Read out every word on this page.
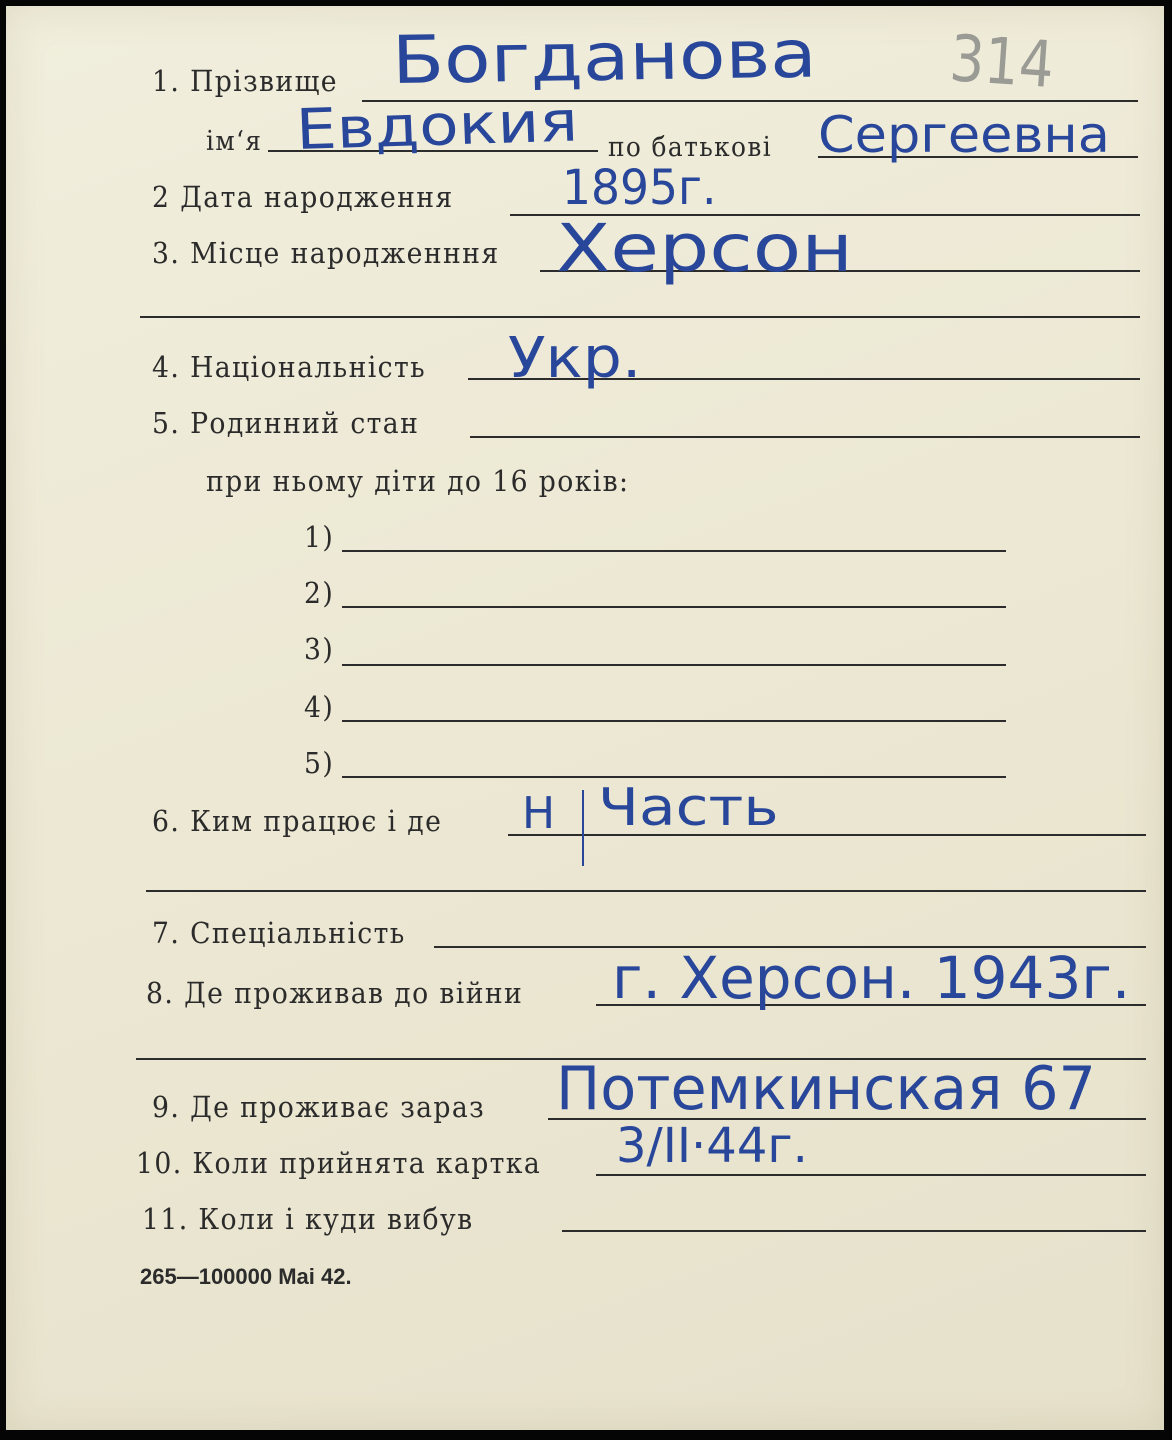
314
1. Прізвище Богданова
ім‘я Евдокия по батькові Сергеевна
2 Дата народження 1895г.
3. Місце народженння Херсон
4. Національність Укр.
5. Родинний стан
при ньому діти до 16 років:
1)
2)
3)
4)
5)
6. Ким працює і де Н Часть
7. Спеціальність
8. Де проживав до війни г. Херсон. 1943г.
9. Де проживає зараз Потемкинская 67
10. Коли прийнята картка 3/II·44г.
11. Коли і куди вибув
265—100000 Mai 42.
